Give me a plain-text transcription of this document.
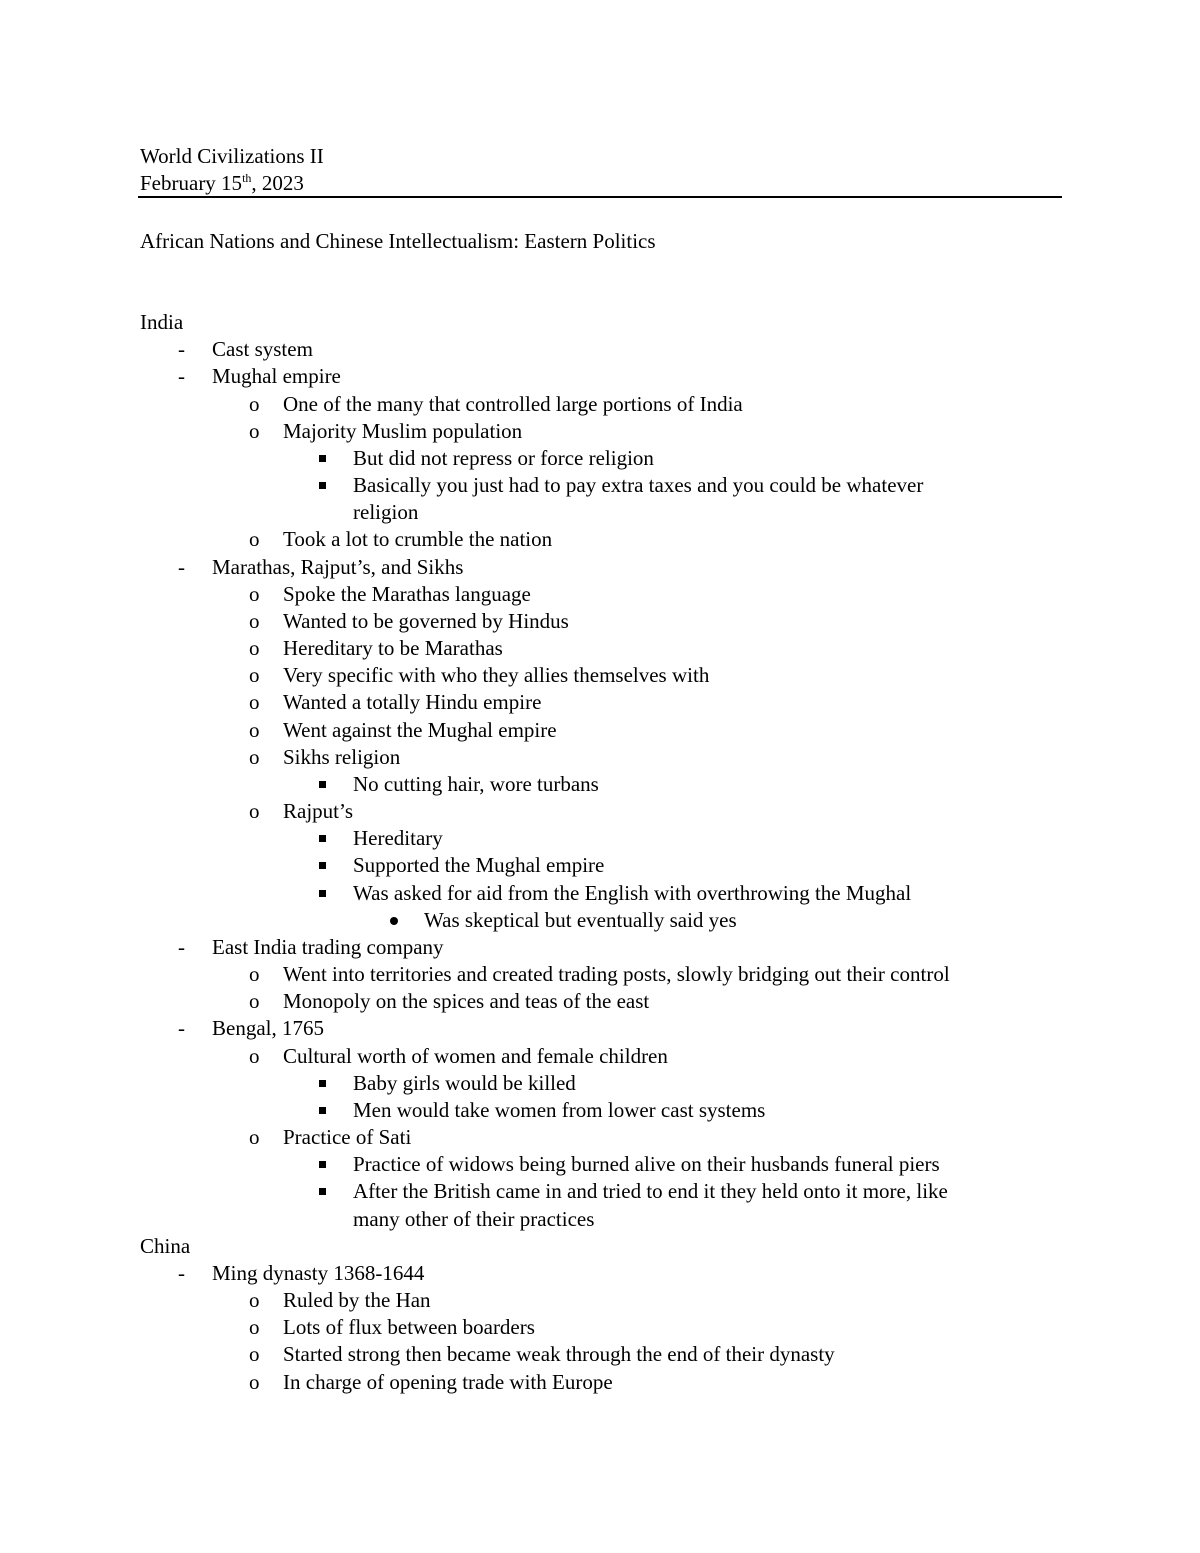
World Civilizations II
February 15th, 2023
African Nations and Chinese Intellectualism: Eastern Politics
India
- Cast system
- Mughal empire
o One of the many that controlled large portions of India
o Majority Muslim population
But did not repress or force religion
Basically you just had to pay extra taxes and you could be whatever
religion
o Took a lot to crumble the nation
- Marathas, Rajput’s, and Sikhs
o Spoke the Marathas language
o Wanted to be governed by Hindus
o Hereditary to be Marathas
o Very specific with who they allies themselves with
o Wanted a totally Hindu empire
o Went against the Mughal empire
o Sikhs religion
No cutting hair, wore turbans
o Rajput’s
Hereditary
Supported the Mughal empire
Was asked for aid from the English with overthrowing the Mughal
Was skeptical but eventually said yes
- East India trading company
o Went into territories and created trading posts, slowly bridging out their control
o Monopoly on the spices and teas of the east
- Bengal, 1765
o Cultural worth of women and female children
Baby girls would be killed
Men would take women from lower cast systems
o Practice of Sati
Practice of widows being burned alive on their husbands funeral piers
After the British came in and tried to end it they held onto it more, like
many other of their practices
China
- Ming dynasty 1368-1644
o Ruled by the Han
o Lots of flux between boarders
o Started strong then became weak through the end of their dynasty
o In charge of opening trade with Europe
